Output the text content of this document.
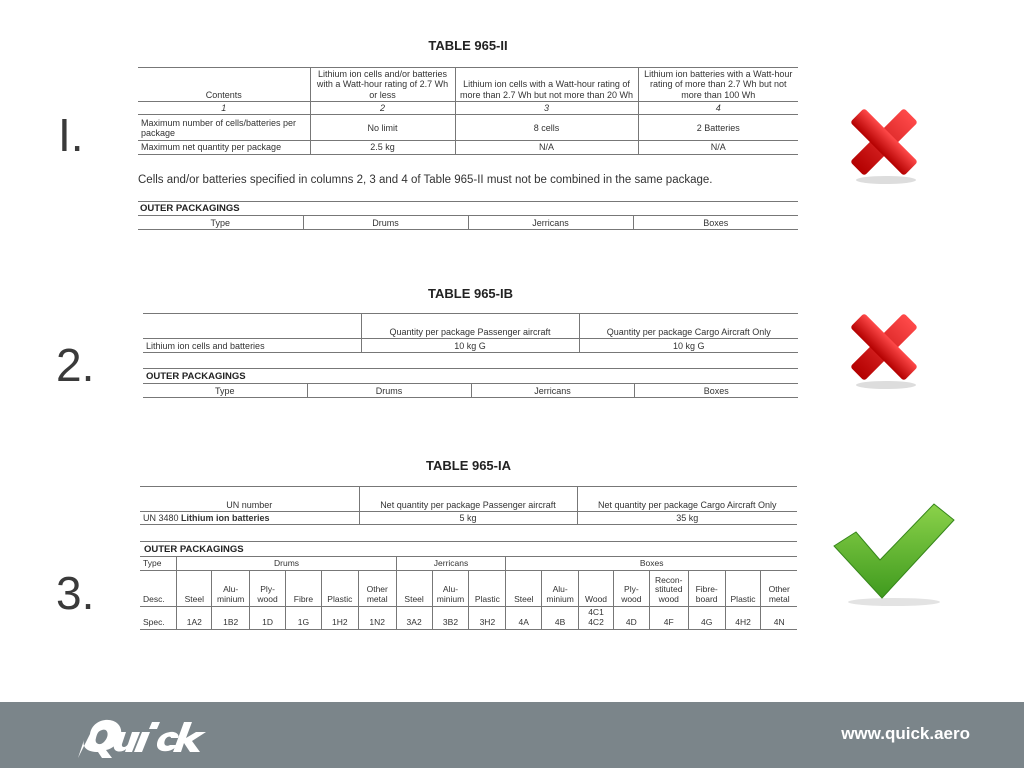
I.
2.
3.
TABLE 965-II
Contents	Lithium ion cells and/or batteries with a Watt-hour rating of 2.7 Wh or less	Lithium ion cells with a Watt-hour rating of more than 2.7 Wh but not more than 20 Wh	Lithium ion batteries with a Watt-hour rating of more than 2.7 Wh but not more than 100 Wh
1	2	3	4
Maximum number of cells/batteries per package	No limit	8 cells	2 Batteries
Maximum net quantity per package	2.5 kg	N/A	N/A
Cells and/or batteries specified in columns 2, 3 and 4 of Table 965-II must not be combined in the same package.
OUTER PACKAGINGS
Type	Drums	Jerricans	Boxes
TABLE 965-IB
	Quantity per package Passenger aircraft	Quantity per package Cargo Aircraft Only
Lithium ion cells and batteries	10 kg G	10 kg G
OUTER PACKAGINGS
Type	Drums	Jerricans	Boxes
TABLE 965-IA
UN number	Net quantity per package Passenger aircraft	Net quantity per package Cargo Aircraft Only
UN 3480 Lithium ion batteries	5 kg	35 kg
OUTER PACKAGINGS
Type	Drums						Jerricans			Boxes							
Desc.	Steel	Alu-minium	Ply-wood	Fibre	Plastic	Other metal	Steel	Alu-minium	Plastic	Steel	Alu-minium	Wood	Ply-wood	Recon-stituted wood	Fibre-board	Plastic	Other metal
Spec.	1A2	1B2	1D	1G	1H2	1N2	3A2	3B2	3H2	4A	4B	4C1 4C2	4D	4F	4G	4H2	4N
www.quick.aero
